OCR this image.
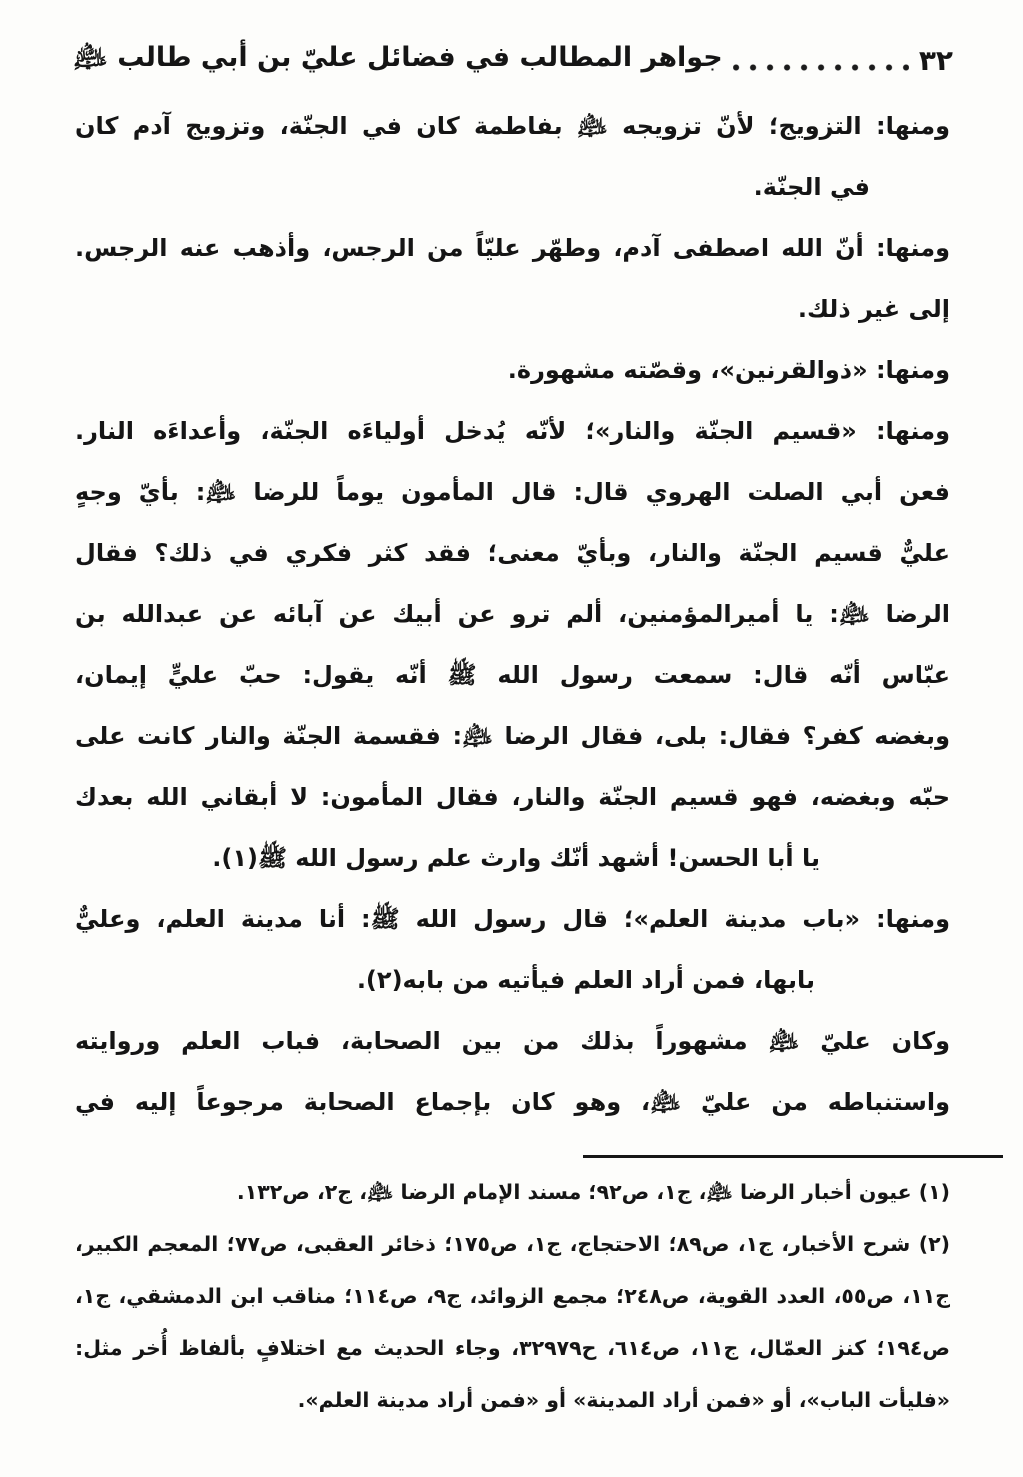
٣٢
جواهر المطالب في فضائل عليّ بن أبي طالب ﵇

ومنها: التزويج؛ لأنّ تزويجه ﵇ بفاطمة كان في الجنّة، وتزويج آدم كان

في الجنّة.

ومنها: أنّ الله اصطفى آدم، وطهّر عليّاً من الرجس، وأذهب عنه الرجس.

إلى غير ذلك.

ومنها: «ذوالقرنين»، وقصّته مشهورة.

ومنها: «قسيم الجنّة والنار»؛ لأنّه يُدخل أولياءَه الجنّة، وأعداءَه النار.

فعن أبي الصلت الهروي قال: قال المأمون يوماً للرضا ﵇: بأيّ وجهٍ

عليٌّ قسيم الجنّة والنار، وبأيّ معنى؛ فقد كثر فكري في ذلك؟ فقال

الرضا ﵇: يا أميرالمؤمنين، ألم ترو عن أبيك عن آبائه عن عبدالله بن

عبّاس أنّه قال: سمعت رسول الله ﷺ أنّه يقول: حبّ عليٍّ إيمان،

وبغضه كفر؟ فقال: بلى، فقال الرضا ﵇: فقسمة الجنّة والنار كانت على

حبّه وبغضه، فهو قسيم الجنّة والنار، فقال المأمون: لا أبقاني الله بعدك

يا أبا الحسن! أشهد أنّك وارث علم رسول الله ﷺ(١).

ومنها: «باب مدينة العلم»؛ قال رسول الله ﷺ: أنا مدينة العلم، وعليٌّ

بابها، فمن أراد العلم فيأتيه من بابه(٢).

وكان عليّ ﵇ مشهوراً بذلك من بين الصحابة، فباب العلم وروايته

واستنباطه من عليّ ﵇، وهو كان بإجماع الصحابة مرجوعاً إليه في

(١) عيون أخبار الرضا ﵇، ج١، ص٩٢؛ مسند الإمام الرضا ﵇، ج٢، ص١٣٢.

(٢) شرح الأخبار، ج١، ص٨٩؛ الاحتجاج، ج١، ص١٧٥؛ ذخائر العقبى، ص٧٧؛ المعجم الكبير،

ج١١، ص٥٥، العدد القوية، ص٢٤٨؛ مجمع الزوائد، ج٩، ص١١٤؛ مناقب ابن الدمشقي، ج١،

ص١٩٤؛ كنز العمّال، ج١١، ص٦١٤، ح٣٢٩٧٩، وجاء الحديث مع اختلافٍ بألفاظ أُخر مثل:

«فليأت الباب»، أو «فمن أراد المدينة» أو «فمن أراد مدينة العلم».
